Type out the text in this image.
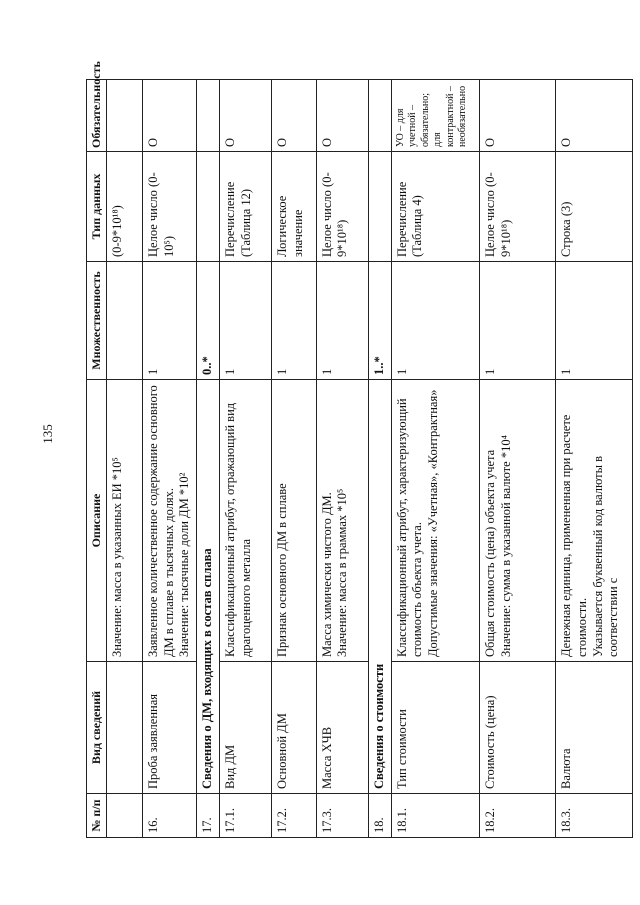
135
№ п/п	Вид сведений	Описание	Множественность	Тип данных	Обязательность
		Значение: масса в указанных ЕИ *10⁵		(0-9*10¹⁸)	
16.	Проба заявленная	Заявленное количественное содержание основного ДМ в сплаве в тысячных долях.
Значение: тысячные доли ДМ *10²	1	Целое число (0-10⁵)	О
17.	Сведения о ДМ, входящих в состав сплава		0..*		
17.1.	Вид ДМ	Классификационный атрибут, отражающий вид драгоценного металла	1	Перечисление (Таблица 12)	О
17.2.	Основной ДМ	Признак основного ДМ в сплаве	1	Логическое значение	О
17.3.	Масса ХЧВ	Масса химически чистого ДМ.
Значение: масса в граммах *10⁵	1	Целое число (0-9*10¹⁸)	О
18.	Сведения о стоимости		1..*		
18.1.	Тип стоимости	Классификационный атрибут, характеризующий стоимость объекта учета.
Допустимые значения: «Учетная», «Контрактная»	1	Перечисление (Таблица 4)	УО – для учетной – обязательно; для контрактной – необязательно
18.2.	Стоимость (цена)	Общая стоимость (цена) объекта учета
Значение: сумма в указанной валюте *10⁴	1	Целое число (0-9*10¹⁸)	О
18.3.	Валюта	Денежная единица, примененная при расчете стоимости.
Указывается буквенный код валюты в соответствии с	1	Строка (3)	О
